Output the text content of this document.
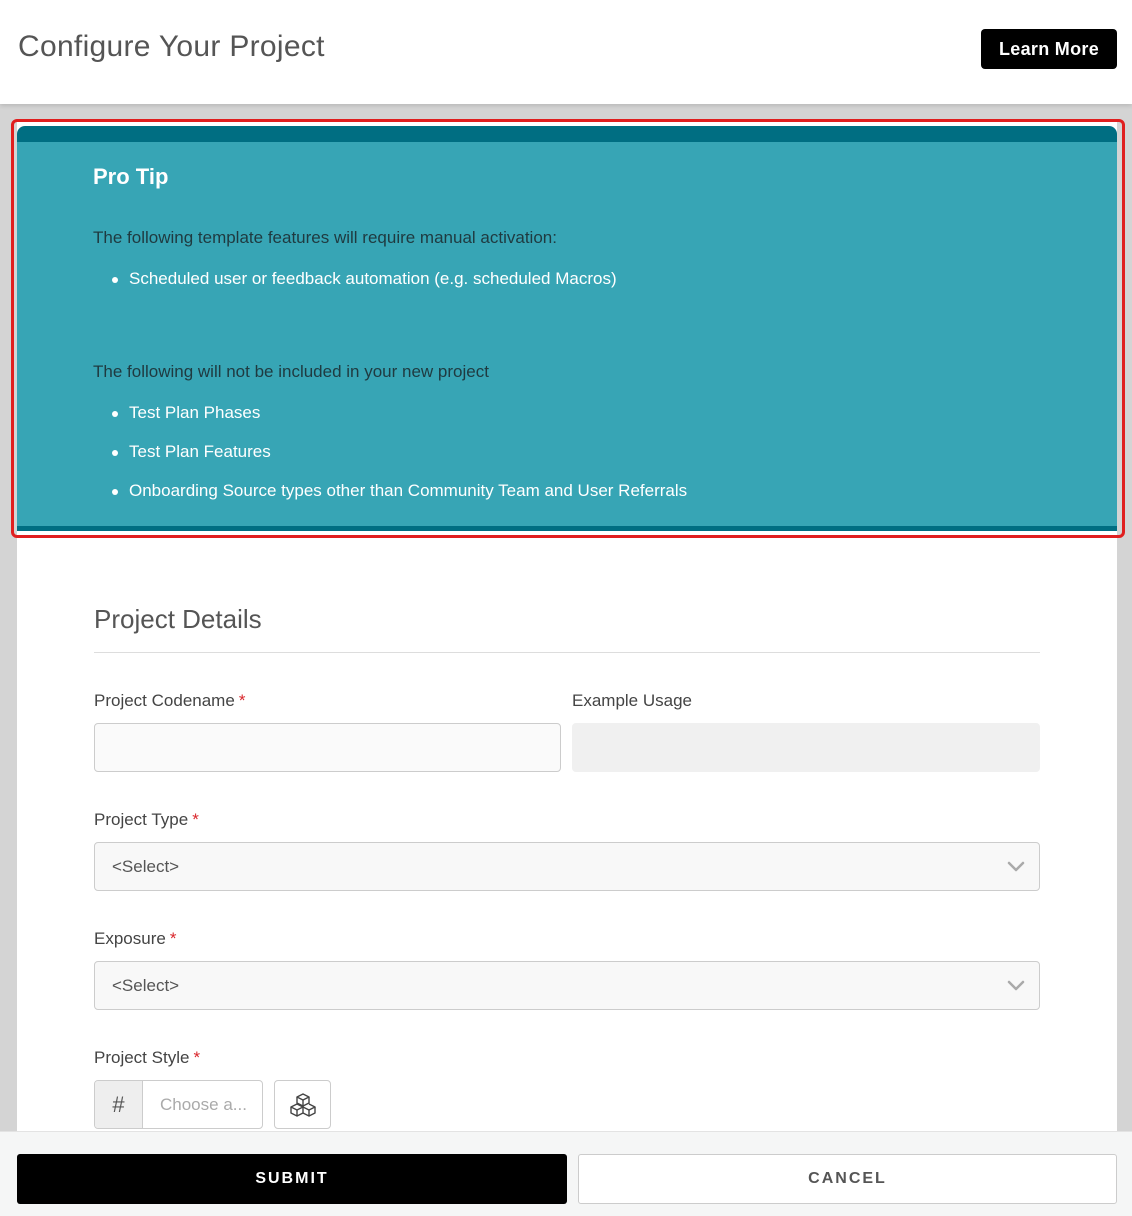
Configure Your Project	Learn More
Pro Tip
The following template features will require manual activation:
Scheduled user or feedback automation (e.g. scheduled Macros)
The following will not be included in your new project
Test Plan Phases
Test Plan Features
Onboarding Source types other than Community Team and User Referrals
Project Details
Project Codename *	Example Usage
Project Type *
<Select>
Exposure *
<Select>
Project Style *
#	Choose a...
SUBMIT	CANCEL
